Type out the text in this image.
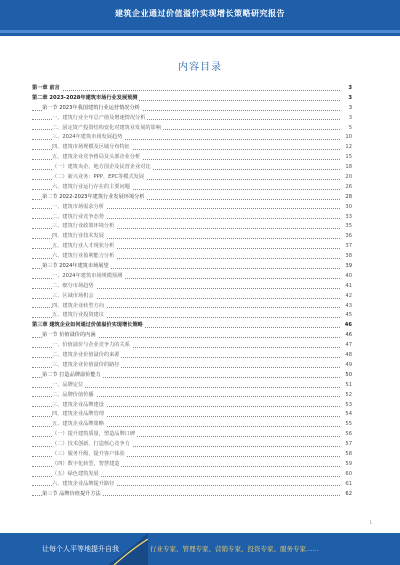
建筑企业通过价值溢价实现增长策略研究报告
内容目录
第一章 前言	3
第二章 2023-2028年建筑市场行业发展预测	3
第一节 2023年我国建筑行业运营情况分析	3
一、建筑行业全年总产值及增速情况分析	3
二、固定资产投资结构变化对建筑业发展的影响	5
三、2024年建筑市场发展趋势	10
四、建筑市场规模及区域分布特征	12
五、建筑企业竞争格局及头部企业分析	15
（一）建筑央企、地方国企及民营企业对比	18
（二）新兴业务：PPP、EPC等模式发展	20
六、建筑行业运行存在的主要问题	26
第二节 2022-2023年建筑行业发展环境分析	28
一、建筑市场需求分析	30
二、建筑行业竞争态势	33
三、建筑行业政策环境分析	35
四、建筑行业技术发展	36
五、建筑行业人才现状分析	37
六、建筑行业盈利能力分析	38
第三节 2024年建筑市场展望	39
一、2024年建筑市场规模预测	40
二、细分市场趋势	41
三、区域市场机会	42
四、建筑企业转型方向	43
五、建筑行业投资建议	45
第三章 建筑企业如何通过价值溢价实现增长策略	46
第一节 价值溢价的内涵	46
一、价值溢价与企业竞争力的关系	47
二、建筑企业价值溢价的来源	48
三、建筑企业价值溢价的路径	49
第二节 打造品牌溢价能力	50
一、品牌定位	51
二、品牌价值传播	52
三、建筑企业品牌建设	53
四、建筑企业品牌管理	54
五、建筑企业品牌策略	55
（一）提升建筑质量，塑造品牌口碑	56
（二）技术创新，打造核心竞争力	57
（三）服务升级，提升客户体验	58
（四）数字化转型，智慧建造	59
（五）绿色建筑发展	60
六、建筑企业品牌提升路径	61
第三节 品牌价值提升方法	62
1
让每个人平等地提升自我	行业专家、管理专家、营销专家、投资专家、服务专家……
